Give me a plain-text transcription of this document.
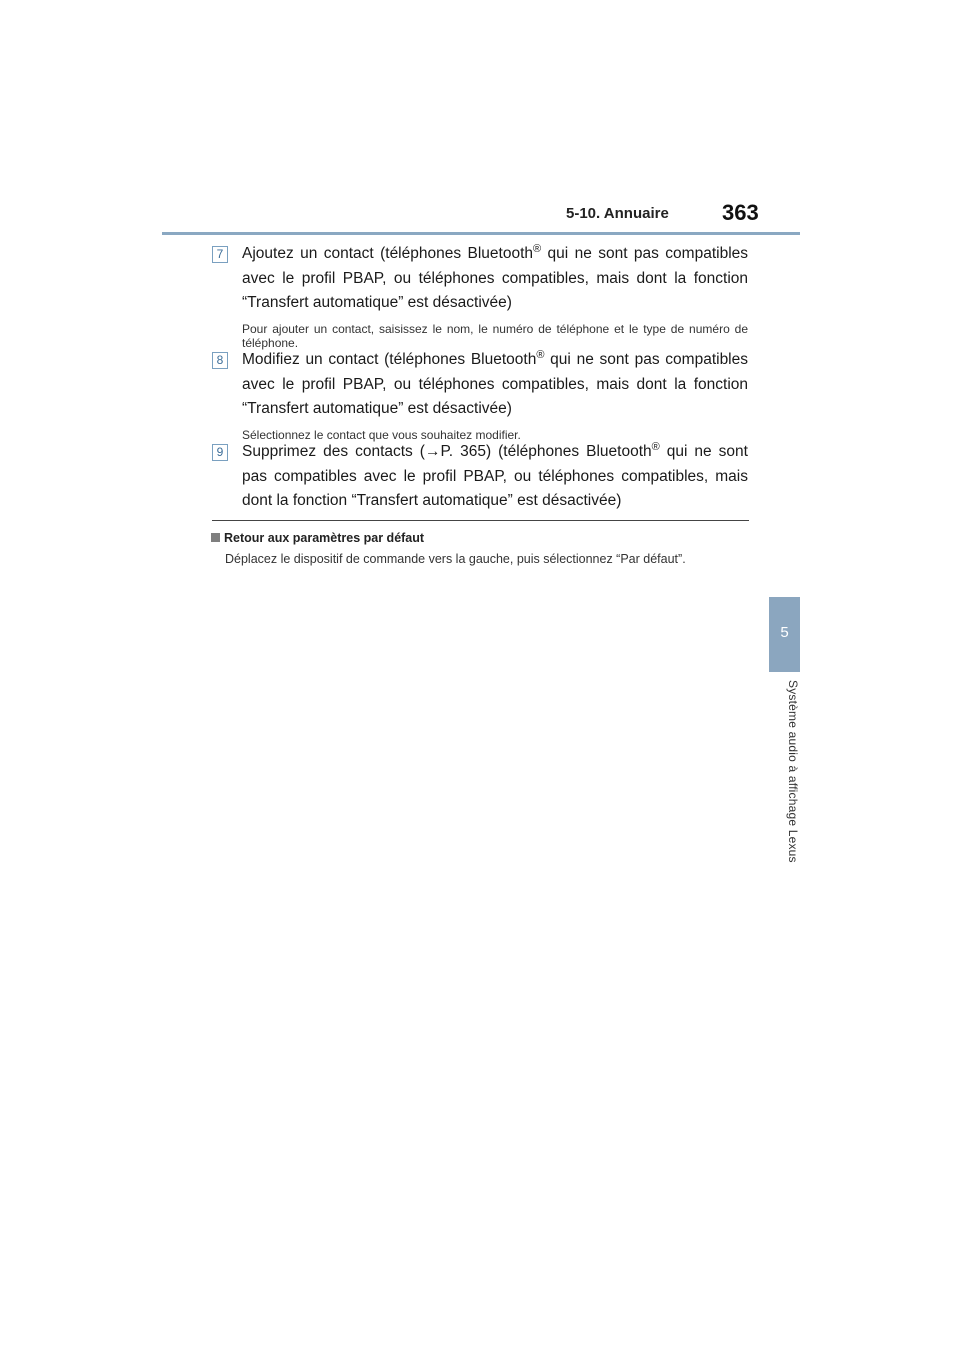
5-10. Annuaire 363
5
Système audio à affichage Lexus
7	Ajoutez un contact (téléphones Bluetooth® qui ne sont pas compatibles avec le profil PBAP, ou téléphones compatibles, mais dont la fonction “Transfert automatique” est désactivée)
Pour ajouter un contact, saisissez le nom, le numéro de téléphone et le type de numéro de téléphone.
8	Modifiez un contact (téléphones Bluetooth® qui ne sont pas compatibles avec le profil PBAP, ou téléphones compatibles, mais dont la fonction “Transfert automatique” est désactivée)
Sélectionnez le contact que vous souhaitez modifier.
9	Supprimez des contacts (→P. 365) (téléphones Bluetooth® qui ne sont pas compatibles avec le profil PBAP, ou téléphones compatibles, mais dont la fonction “Transfert automatique” est désactivée)
Retour aux paramètres par défaut
Déplacez le dispositif de commande vers la gauche, puis sélectionnez “Par défaut”.
